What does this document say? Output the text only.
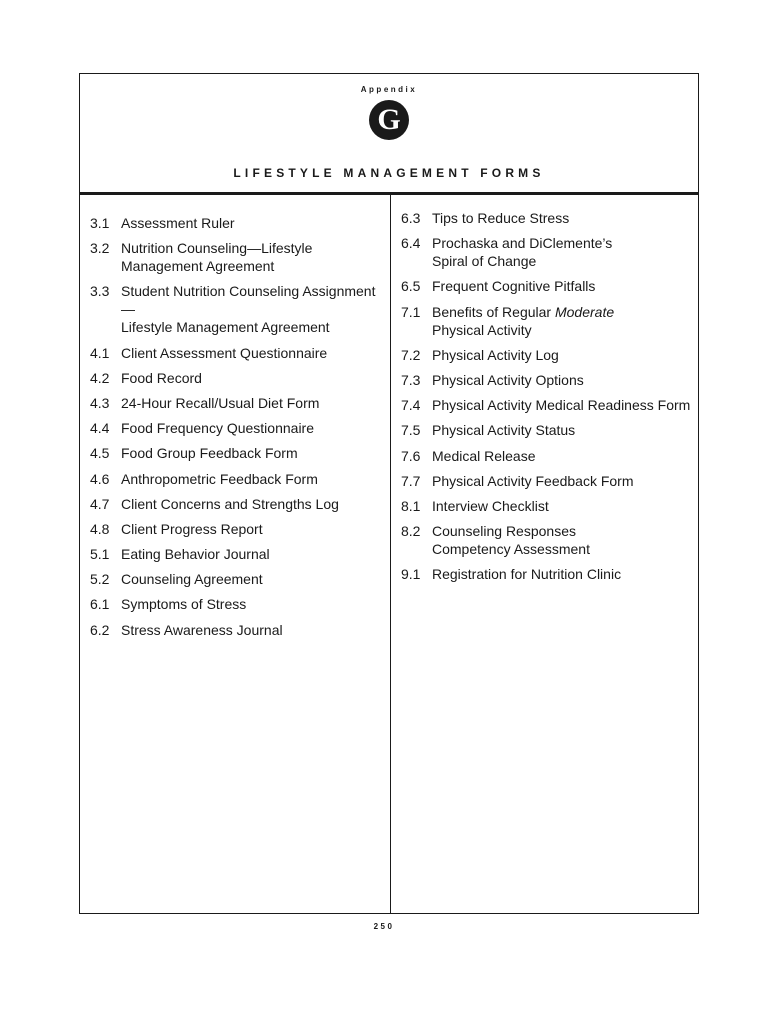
Appendix
G
LIFESTYLE MANAGEMENT FORMS
3.1 Assessment Ruler
3.2 Nutrition Counseling—Lifestyle
Management Agreement
3.3 Student Nutrition Counseling Assignment—
Lifestyle Management Agreement
4.1 Client Assessment Questionnaire
4.2 Food Record
4.3 24-Hour Recall/Usual Diet Form
4.4 Food Frequency Questionnaire
4.5 Food Group Feedback Form
4.6 Anthropometric Feedback Form
4.7 Client Concerns and Strengths Log
4.8 Client Progress Report
5.1 Eating Behavior Journal
5.2 Counseling Agreement
6.1 Symptoms of Stress
6.2 Stress Awareness Journal
6.3 Tips to Reduce Stress
6.4 Prochaska and DiClemente’s
Spiral of Change
6.5 Frequent Cognitive Pitfalls
7.1 Benefits of Regular Moderate
Physical Activity
7.2 Physical Activity Log
7.3 Physical Activity Options
7.4 Physical Activity Medical Readiness Form
7.5 Physical Activity Status
7.6 Medical Release
7.7 Physical Activity Feedback Form
8.1 Interview Checklist
8.2 Counseling Responses
Competency Assessment
9.1 Registration for Nutrition Clinic
250
